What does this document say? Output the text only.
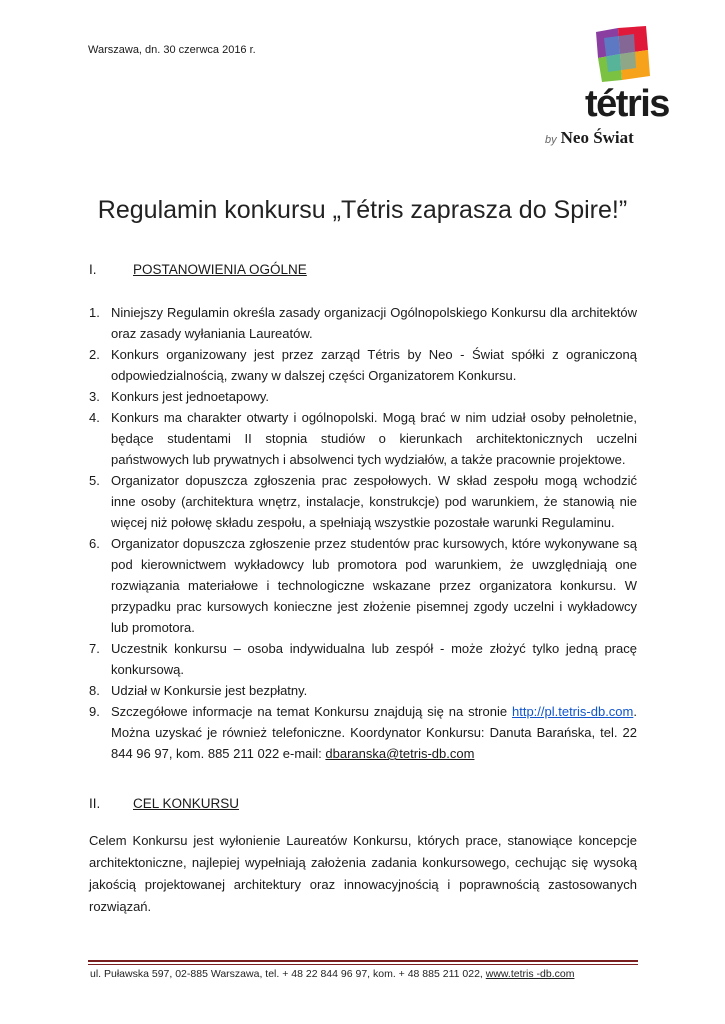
Warszawa, dn. 30 czerwca 2016 r.
tétris
by Neo Świat
Regulamin konkursu „Tétris zaprasza do Spire!”
I.	POSTANOWIENIA OGÓLNE
1. Niniejszy Regulamin określa zasady organizacji Ogólnopolskiego Konkursu dla architektów oraz zasady wyłaniania Laureatów.
2. Konkurs organizowany jest przez zarząd Tétris by Neo - Świat spółki z ograniczoną odpowiedzialnością, zwany w dalszej części Organizatorem Konkursu.
3. Konkurs jest jednoetapowy.
4. Konkurs ma charakter otwarty i ogólnopolski. Mogą brać w nim udział osoby pełnoletnie, będące studentami II stopnia studiów o kierunkach architektonicznych uczelni państwowych lub prywatnych i absolwenci tych wydziałów, a także pracownie projektowe.
5. Organizator dopuszcza zgłoszenia prac zespołowych. W skład zespołu mogą wchodzić inne osoby (architektura wnętrz, instalacje, konstrukcje) pod warunkiem, że stanowią nie więcej niż połowę składu zespołu, a spełniają wszystkie pozostałe warunki Regulaminu.
6. Organizator dopuszcza zgłoszenie przez studentów prac kursowych, które wykonywane są pod kierownictwem wykładowcy lub promotora pod warunkiem, że uwzględniają one rozwiązania materiałowe i technologiczne wskazane przez organizatora konkursu. W przypadku prac kursowych konieczne jest złożenie pisemnej zgody uczelni i wykładowcy lub promotora.
7. Uczestnik konkursu – osoba indywidualna lub zespół - może złożyć tylko jedną pracę konkursową.
8. Udział w Konkursie jest bezpłatny.
9. Szczegółowe informacje na temat Konkursu znajdują się na stronie http://pl.tetris-db.com. Można uzyskać je również telefoniczne. Koordynator Konkursu: Danuta Barańska, tel. 22 844 96 97, kom. 885 211 022 e-mail: dbaranska@tetris-db.com
II. CEL KONKURSU

Celem Konkursu jest wyłonienie Laureatów Konkursu, których prace, stanowiące koncepcje architektoniczne, najlepiej wypełniają założenia zadania konkursowego, cechując się wysoką jakością projektowanej architektury oraz innowacyjnością i poprawnością zastosowanych rozwiązań.

ul. Puławska 597, 02-885 Warszawa, tel. + 48 22 844 96 97, kom. + 48 885 211 022, www.tetris -db.com
